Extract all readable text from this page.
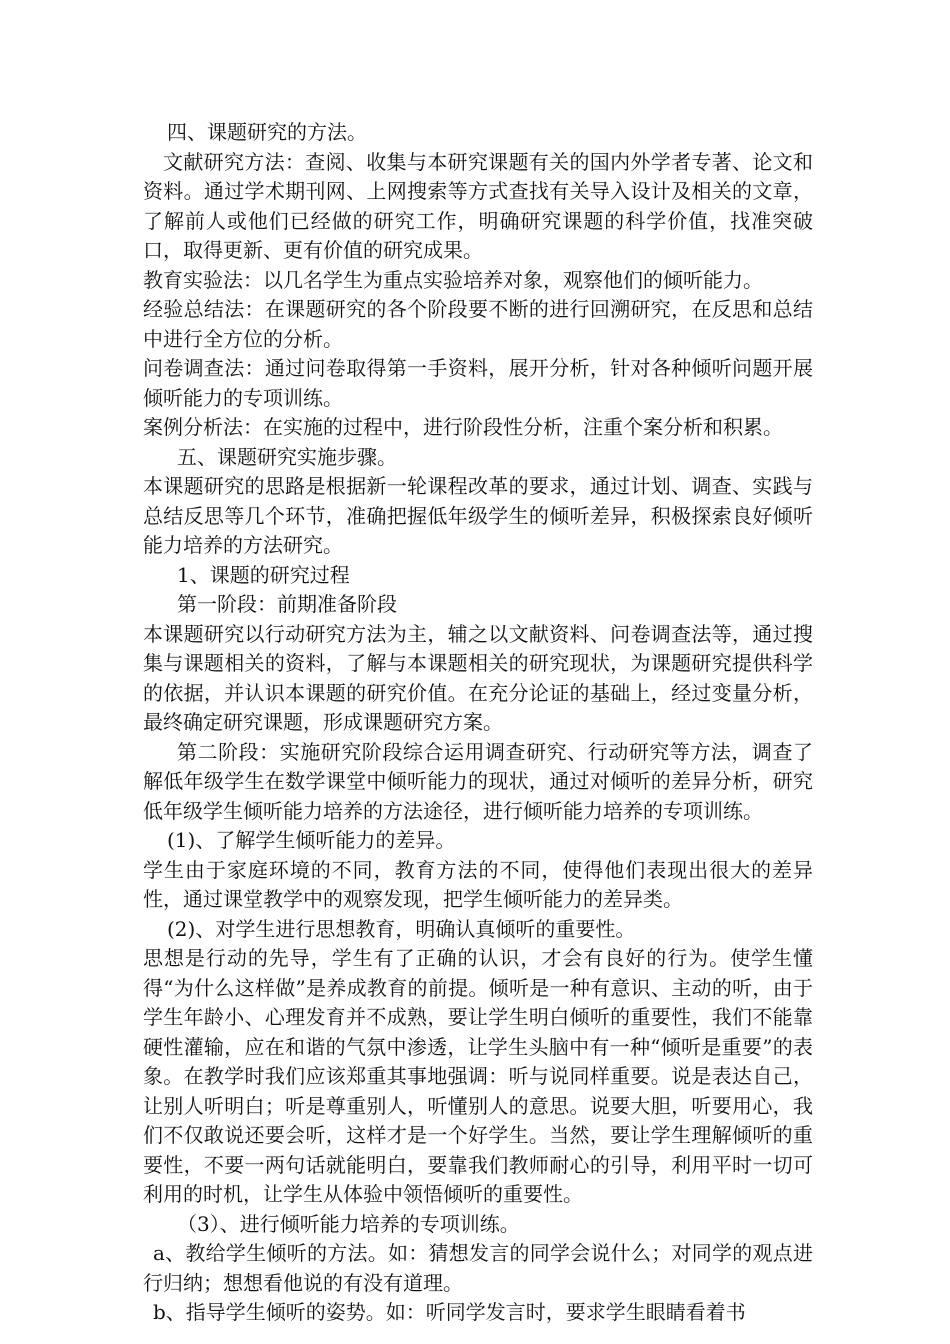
四、课题研究的方法。

文献研究方法：查阅、收集与本研究课题有关的国内外学者专著、论文和资料。通过学术期刊网、上网搜索等方式查找有关导入设计及相关的文章，了解前人或他们已经做的研究工作，明确研究课题的科学价值，找准突破口，取得更新、更有价值的研究成果。

教育实验法：以几名学生为重点实验培养对象，观察他们的倾听能力。

经验总结法：在课题研究的各个阶段要不断的进行回溯研究，在反思和总结中进行全方位的分析。

问卷调查法：通过问卷取得第一手资料，展开分析，针对各种倾听问题开展倾听能力的专项训练。

案例分析法：在实施的过程中，进行阶段性分析，注重个案分析和积累。

五、课题研究实施步骤。

本课题研究的思路是根据新一轮课程改革的要求，通过计划、调查、实践与总结反思等几个环节，准确把握低年级学生的倾听差异，积极探索良好倾听能力培养的方法研究。

1、课题的研究过程

第一阶段：前期准备阶段

本课题研究以行动研究方法为主，辅之以文献资料、问卷调查法等，通过搜集与课题相关的资料，了解与本课题相关的研究现状，为课题研究提供科学的依据，并认识本课题的研究价值。在充分论证的基础上，经过变量分析，最终确定研究课题，形成课题研究方案。

第二阶段：实施研究阶段综合运用调查研究、行动研究等方法，调查了解低年级学生在数学课堂中倾听能力的现状，通过对倾听的差异分析，研究低年级学生倾听能力培养的方法途径，进行倾听能力培养的专项训练。

(1)、了解学生倾听能力的差异。

学生由于家庭环境的不同，教育方法的不同，使得他们表现出很大的差异性，通过课堂教学中的观察发现，把学生倾听能力的差异类。

(2)、对学生进行思想教育，明确认真倾听的重要性。

思想是行动的先导，学生有了正确的认识，才会有良好的行为。使学生懂得“为什么这样做”是养成教育的前提。倾听是一种有意识、主动的听，由于学生年龄小、心理发育并不成熟，要让学生明白倾听的重要性，我们不能靠硬性灌输，应在和谐的气氛中渗透，让学生头脑中有一种“倾听是重要”的表象。在教学时我们应该郑重其事地强调：听与说同样重要。说是表达自己，让别人听明白；听是尊重别人，听懂别人的意思。说要大胆，听要用心，我们不仅敢说还要会听，这样才是一个好学生。当然，要让学生理解倾听的重要性，不要一两句话就能明白，要靠我们教师耐心的引导，利用平时一切可利用的时机，让学生从体验中领悟倾听的重要性。

（3）、进行倾听能力培养的专项训练。

a、教给学生倾听的方法。如：猜想发言的同学会说什么；对同学的观点进行归纳；想想看他说的有没有道理。

b、指导学生倾听的姿势。如：听同学发言时，要求学生眼睛看着书
